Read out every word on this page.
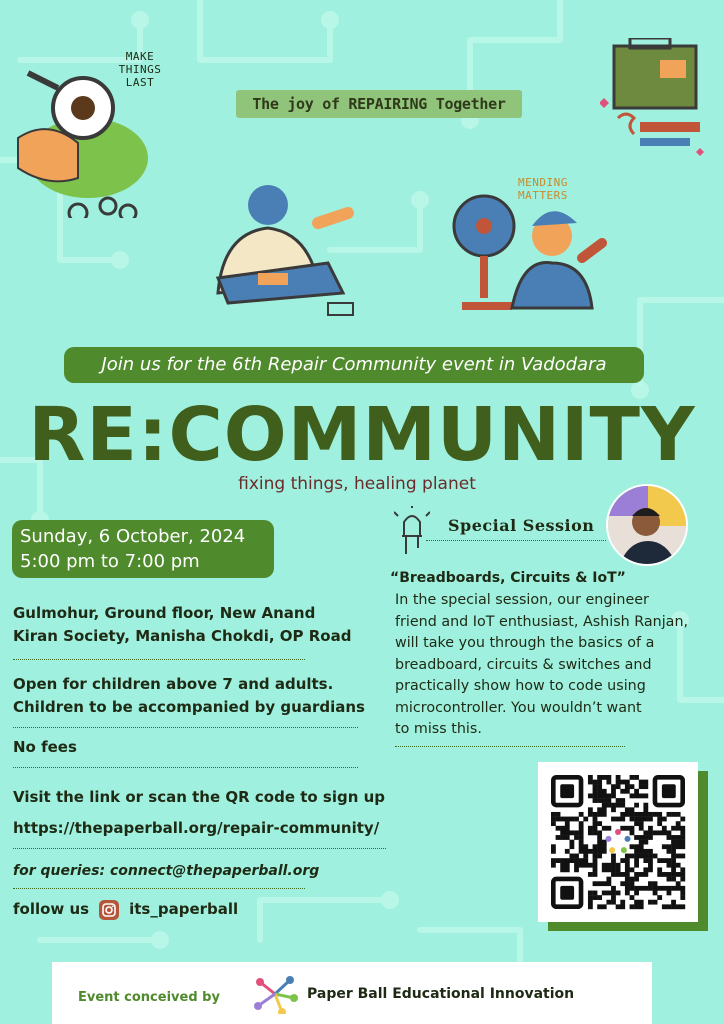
MAKE
THINGS
LAST
The joy of REPAIRING Together
MENDING
MATTERS
Join us for the 6th Repair Community event in Vadodara
RE:COMMUNITY
fixing things, healing planet
Sunday, 6 October, 2024
5:00 pm to 7:00 pm
Gulmohur, Ground floor, New Anand
Kiran Society, Manisha Chokdi, OP Road
Open for children above 7 and adults.
Children to be accompanied by guardians
No fees
Visit the link or scan the QR code to sign up
https://thepaperball.org/repair-community/
for queries: connect@thepaperball.org
follow us	its_paperball
Special Session
“Breadboards, Circuits & IoT”
In the special session, our engineer
friend and IoT enthusiast, Ashish Ranjan,
will take you through the basics of a
breadboard, circuits & switches and
practically show how to code using
microcontroller. You wouldn’t want
to miss this.
Event conceived by	Paper Ball Educational Innovation
